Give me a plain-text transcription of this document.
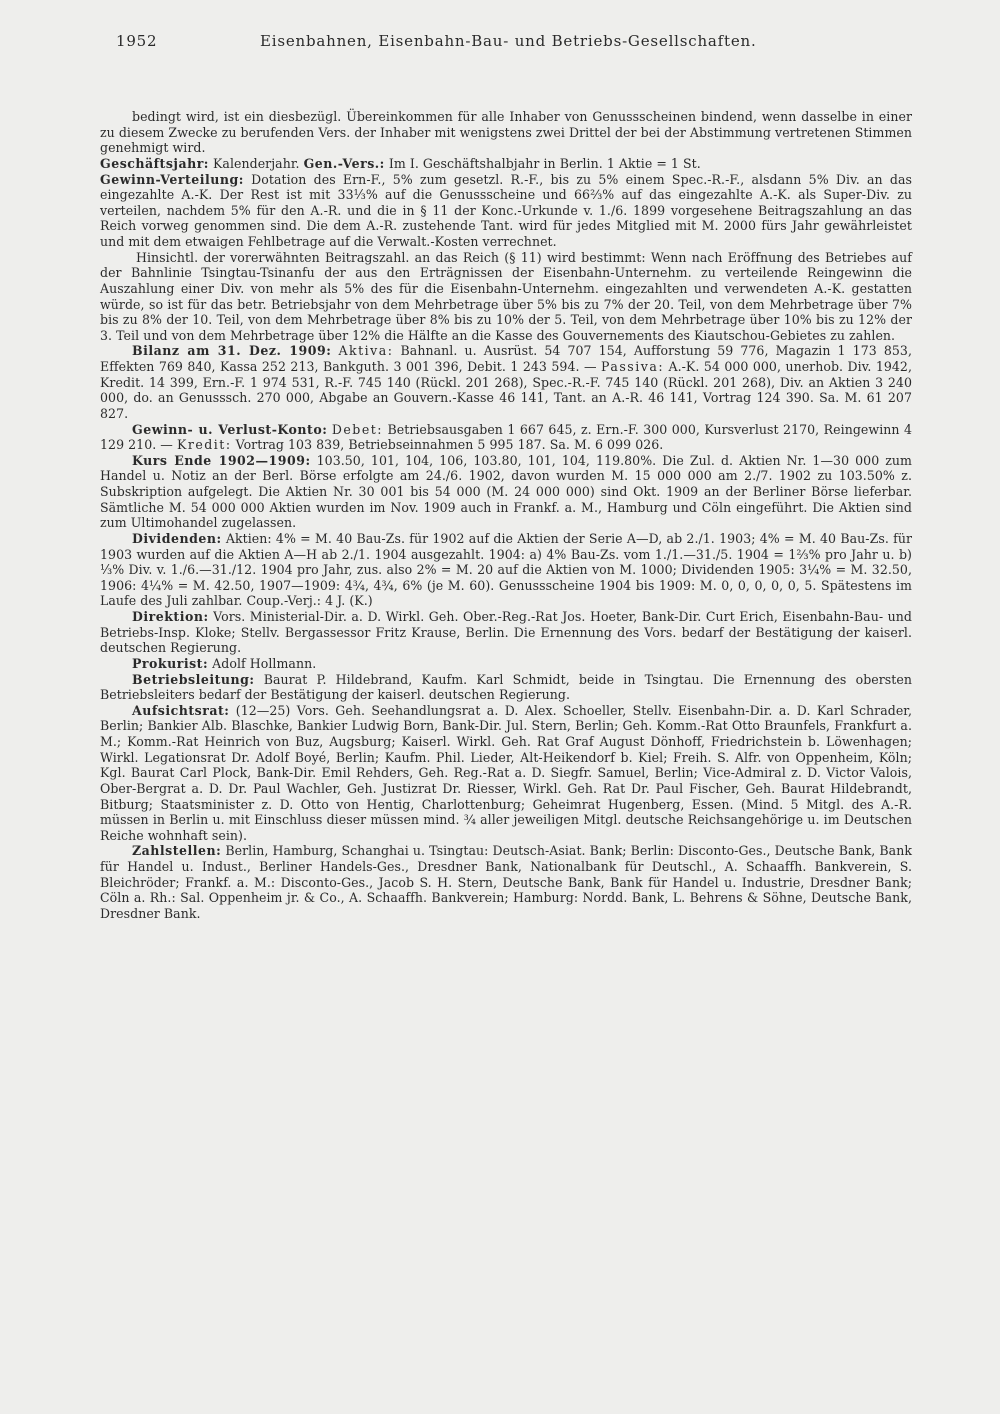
1952	Eisenbahnen, Eisenbahn-Bau- und Betriebs-Gesellschaften.

bedingt wird, ist ein diesbezügl. Übereinkommen für alle Inhaber von Genussscheinen bindend, wenn dasselbe in einer zu diesem Zwecke zu berufenden Vers. der Inhaber mit wenigstens zwei Drittel der bei der Abstimmung vertretenen Stimmen genehmigt wird.

Geschäftsjahr: Kalenderjahr. Gen.-Vers.: Im I. Geschäftshalbjahr in Berlin. 1 Aktie = 1 St.

Gewinn-Verteilung: Dotation des Ern-F., 5% zum gesetzl. R.-F., bis zu 5% einem Spec.-R.-F., alsdann 5% Div. an das eingezahlte A.-K. Der Rest ist mit 33⅓% auf die Genussscheine und 66⅔% auf das eingezahlte A.-K. als Super-Div. zu verteilen, nachdem 5% für den A.-R. und die in § 11 der Konc.-Urkunde v. 1./6. 1899 vorgesehene Beitragszahlung an das Reich vorweg genommen sind. Die dem A.-R. zustehende Tant. wird für jedes Mitglied mit M. 2000 fürs Jahr gewährleistet und mit dem etwaigen Fehlbetrage auf die Verwalt.-Kosten verrechnet.

Hinsichtl. der vorerwähnten Beitragszahl. an das Reich (§ 11) wird bestimmt: Wenn nach Eröffnung des Betriebes auf der Bahnlinie Tsingtau-Tsinanfu der aus den Erträgnissen der Eisenbahn-Unternehm. zu verteilende Reingewinn die Auszahlung einer Div. von mehr als 5% des für die Eisenbahn-Unternehm. eingezahlten und verwendeten A.-K. gestatten würde, so ist für das betr. Betriebsjahr von dem Mehrbetrage über 5% bis zu 7% der 20. Teil, von dem Mehrbetrage über 7% bis zu 8% der 10. Teil, von dem Mehrbetrage über 8% bis zu 10% der 5. Teil, von dem Mehrbetrage über 10% bis zu 12% der 3. Teil und von dem Mehrbetrage über 12% die Hälfte an die Kasse des Gouvernements des Kiautschou-Gebietes zu zahlen.

Bilanz am 31. Dez. 1909: Aktiva: Bahnanl. u. Ausrüst. 54 707 154, Aufforstung 59 776, Magazin 1 173 853, Effekten 769 840, Kassa 252 213, Bankguth. 3 001 396, Debit. 1 243 594. — Passiva: A.-K. 54 000 000, unerhob. Div. 1942, Kredit. 14 399, Ern.-F. 1 974 531, R.-F. 745 140 (Rückl. 201 268), Spec.-R.-F. 745 140 (Rückl. 201 268), Div. an Aktien 3 240 000, do. an Genusssch. 270 000, Abgabe an Gouvern.-Kasse 46 141, Tant. an A.-R. 46 141, Vortrag 124 390. Sa. M. 61 207 827.

Gewinn- u. Verlust-Konto: Debet: Betriebsausgaben 1 667 645, z. Ern.-F. 300 000, Kursverlust 2170, Reingewinn 4 129 210. — Kredit: Vortrag 103 839, Betriebseinnahmen 5 995 187. Sa. M. 6 099 026.

Kurs Ende 1902—1909: 103.50, 101, 104, 106, 103.80, 101, 104, 119.80%. Die Zul. d. Aktien Nr. 1—30 000 zum Handel u. Notiz an der Berl. Börse erfolgte am 24./6. 1902, davon wurden M. 15 000 000 am 2./7. 1902 zu 103.50% z. Subskription aufgelegt. Die Aktien Nr. 30 001 bis 54 000 (M. 24 000 000) sind Okt. 1909 an der Berliner Börse lieferbar. Sämtliche M. 54 000 000 Aktien wurden im Nov. 1909 auch in Frankf. a. M., Hamburg und Cöln eingeführt. Die Aktien sind zum Ultimohandel zugelassen.

Dividenden: Aktien: 4% = M. 40 Bau-Zs. für 1902 auf die Aktien der Serie A—D, ab 2./1. 1903; 4% = M. 40 Bau-Zs. für 1903 wurden auf die Aktien A—H ab 2./1. 1904 ausgezahlt. 1904: a) 4% Bau-Zs. vom 1./1.—31./5. 1904 = 1⅔% pro Jahr u. b) ⅓% Div. v. 1./6.—31./12. 1904 pro Jahr, zus. also 2% = M. 20 auf die Aktien von M. 1000; Dividenden 1905: 3¼% = M. 32.50, 1906: 4¼% = M. 42.50, 1907—1909: 4¾, 4¾, 6% (je M. 60). Genussscheine 1904 bis 1909: M. 0, 0, 0, 0, 0, 5. Spätestens im Laufe des Juli zahlbar. Coup.-Verj.: 4 J. (K.)

Direktion: Vors. Ministerial-Dir. a. D. Wirkl. Geh. Ober.-Reg.-Rat Jos. Hoeter, Bank-Dir. Curt Erich, Eisenbahn-Bau- und Betriebs-Insp. Kloke; Stellv. Bergassessor Fritz Krause, Berlin. Die Ernennung des Vors. bedarf der Bestätigung der kaiserl. deutschen Regierung.

Prokurist: Adolf Hollmann.

Betriebsleitung: Baurat P. Hildebrand, Kaufm. Karl Schmidt, beide in Tsingtau. Die Ernennung des obersten Betriebsleiters bedarf der Bestätigung der kaiserl. deutschen Regierung.

Aufsichtsrat: (12—25) Vors. Geh. Seehandlungsrat a. D. Alex. Schoeller, Stellv. Eisenbahn-Dir. a. D. Karl Schrader, Berlin; Bankier Alb. Blaschke, Bankier Ludwig Born, Bank-Dir. Jul. Stern, Berlin; Geh. Komm.-Rat Otto Braunfels, Frankfurt a. M.; Komm.-Rat Heinrich von Buz, Augsburg; Kaiserl. Wirkl. Geh. Rat Graf August Dönhoff, Friedrichstein b. Löwenhagen; Wirkl. Legationsrat Dr. Adolf Boyé, Berlin; Kaufm. Phil. Lieder, Alt-Heikendorf b. Kiel; Freih. S. Alfr. von Oppenheim, Köln; Kgl. Baurat Carl Plock, Bank-Dir. Emil Rehders, Geh. Reg.-Rat a. D. Siegfr. Samuel, Berlin; Vice-Admiral z. D. Victor Valois, Ober-Bergrat a. D. Dr. Paul Wachler, Geh. Justizrat Dr. Riesser, Wirkl. Geh. Rat Dr. Paul Fischer, Geh. Baurat Hildebrandt, Bitburg; Staatsminister z. D. Otto von Hentig, Charlottenburg; Geheimrat Hugenberg, Essen. (Mind. 5 Mitgl. des A.-R. müssen in Berlin u. mit Einschluss dieser müssen mind. ¾ aller jeweiligen Mitgl. deutsche Reichsangehörige u. im Deutschen Reiche wohnhaft sein).

Zahlstellen: Berlin, Hamburg, Schanghai u. Tsingtau: Deutsch-Asiat. Bank; Berlin: Disconto-Ges., Deutsche Bank, Bank für Handel u. Indust., Berliner Handels-Ges., Dresdner Bank, Nationalbank für Deutschl., A. Schaaffh. Bankverein, S. Bleichröder; Frankf. a. M.: Disconto-Ges., Jacob S. H. Stern, Deutsche Bank, Bank für Handel u. Industrie, Dresdner Bank; Cöln a. Rh.: Sal. Oppenheim jr. & Co., A. Schaaffh. Bankverein; Hamburg: Nordd. Bank, L. Behrens & Söhne, Deutsche Bank, Dresdner Bank.
